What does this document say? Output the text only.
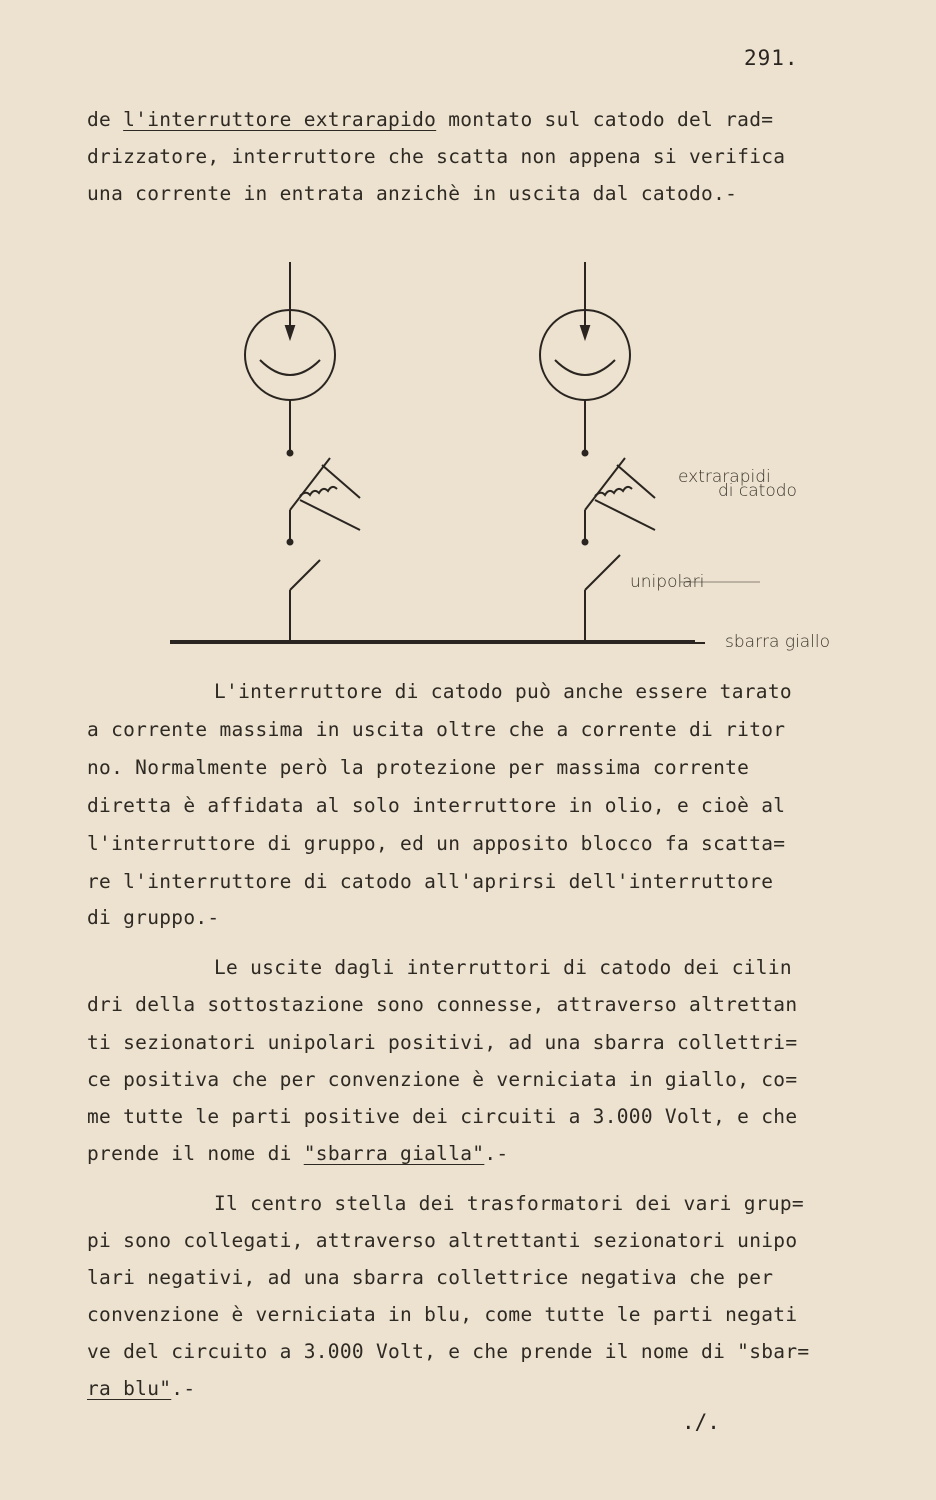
291.
de l'interruttore extrarapido montato sul catodo del rad=
drizzatore, interruttore che scatta non appena si verifica
una corrente in entrata anzichè in uscita dal catodo.-
extrarapidi
di catodo
unipolari
sbarra giallo
L'interruttore di catodo può anche essere tarato
a corrente massima in uscita oltre che a corrente di ritor
no. Normalmente però la protezione per massima corrente
diretta è affidata al solo interruttore in olio, e cioè al
l'interruttore di gruppo, ed un apposito blocco fa scatta=
re l'interruttore di catodo all'aprirsi dell'interruttore
di gruppo.-
Le uscite dagli interruttori di catodo dei cilin
dri della sottostazione sono connesse, attraverso altrettan
ti sezionatori unipolari positivi, ad una sbarra collettri=
ce positiva che per convenzione è verniciata in giallo, co=
me tutte le parti positive dei circuiti a 3.000 Volt, e che
prende il nome di "sbarra gialla".-
Il centro stella dei trasformatori dei vari grup=
pi sono collegati, attraverso altrettanti sezionatori unipo
lari negativi, ad una sbarra collettrice negativa che per
convenzione è verniciata in blu, come tutte le parti negati
ve del circuito a 3.000 Volt, e che prende il nome di "sbar=
ra blu".-
./.
